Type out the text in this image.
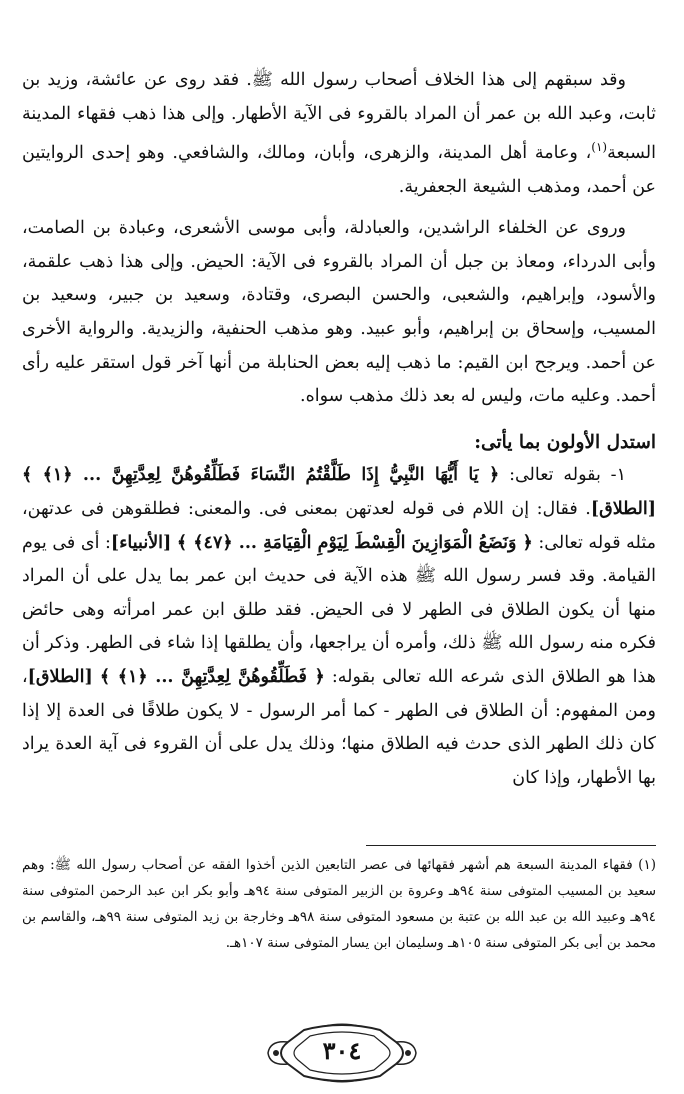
وقد سبقهم إلى هذا الخلاف أصحاب رسول الله ﷺ. فقد روى عن عائشة، وزيد بن ثابت، وعبد الله بن عمر أن المراد بالقروء فى الآية الأطهار. وإلى هذا ذهب فقهاء المدينة السبعة$^{(١)}$، وعامة أهل المدينة، والزهرى، وأبان، ومالك، والشافعي. وهو إحدى الروايتين عن أحمد، ومذهب الشيعة الجعفرية.

وروى عن الخلفاء الراشدين، والعبادلة، وأبى موسى الأشعرى، وعبادة بن الصامت، وأبى الدرداء، ومعاذ بن جبل أن المراد بالقروء فى الآية: الحيض. وإلى هذا ذهب علقمة، والأسود، وإبراهيم، والشعبى، والحسن البصرى، وقتادة، وسعيد بن جبير، وسعيد بن المسيب، وإسحاق بن إبراهيم، وأبو عبيد. وهو مذهب الحنفية، والزيدية. والرواية الأخرى عن أحمد. ويرجح ابن القيم: ما ذهب إليه بعض الحنابلة من أنها آخر قول استقر عليه رأى أحمد. وعليه مات، وليس له بعد ذلك مذهب سواه.

استدل الأولون بما يأتى:

١- بقوله تعالى: ﴿ يَا أَيُّهَا النَّبِيُّ إِذَا طَلَّقْتُمُ النِّسَاءَ فَطَلِّقُوهُنَّ لِعِدَّتِهِنَّ ... ﴿١﴾ ﴾ [الطلاق]. فقال: إن اللام فى قوله لعدتهن بمعنى فى. والمعنى: فطلقوهن فى عدتهن، مثله قوله تعالى: ﴿ وَنَضَعُ الْمَوَازِينَ الْقِسْطَ لِيَوْمِ الْقِيَامَةِ ... ﴿٤٧﴾ ﴾ [الأنبياء]: أى فى يوم القيامة. وقد فسر رسول الله ﷺ هذه الآية فى حديث ابن عمر بما يدل على أن المراد منها أن يكون الطلاق فى الطهر لا فى الحيض. فقد طلق ابن عمر امرأته وهى حائض فكره منه رسول الله ﷺ ذلك، وأمره أن يراجعها، وأن يطلقها إذا شاء فى الطهر. وذكر أن هذا هو الطلاق الذى شرعه الله تعالى بقوله: ﴿ فَطَلِّقُوهُنَّ لِعِدَّتِهِنَّ ... ﴿١﴾ ﴾ [الطلاق]، ومن المفهوم: أن الطلاق فى الطهر - كما أمر الرسول - لا يكون طلاقًا فى العدة إلا إذا كان ذلك الطهر الذى حدث فيه الطلاق منها؛ وذلك يدل على أن القروء فى آية العدة يراد بها الأطهار، وإذا كان

(١) فقهاء المدينة السبعة هم أشهر فقهائها فى عصر التابعين الذين أخذوا الفقه عن أصحاب رسول الله ﷺ: وهم سعيد بن المسيب المتوفى سنة ٩٤هـ وعروة بن الزبير المتوفى سنة ٩٤هـ وأبو بكر ابن عبد الرحمن المتوفى سنة ٩٤هـ وعبيد الله بن عبد الله بن عتبة بن مسعود المتوفى سنة ٩٨هـ وخارجة بن زيد المتوفى سنة ٩٩هـ، والقاسم بن محمد بن أبى بكر المتوفى سنة ١٠٥هـ وسليمان ابن يسار المتوفى سنة ١٠٧هـ.

٣٠٤
